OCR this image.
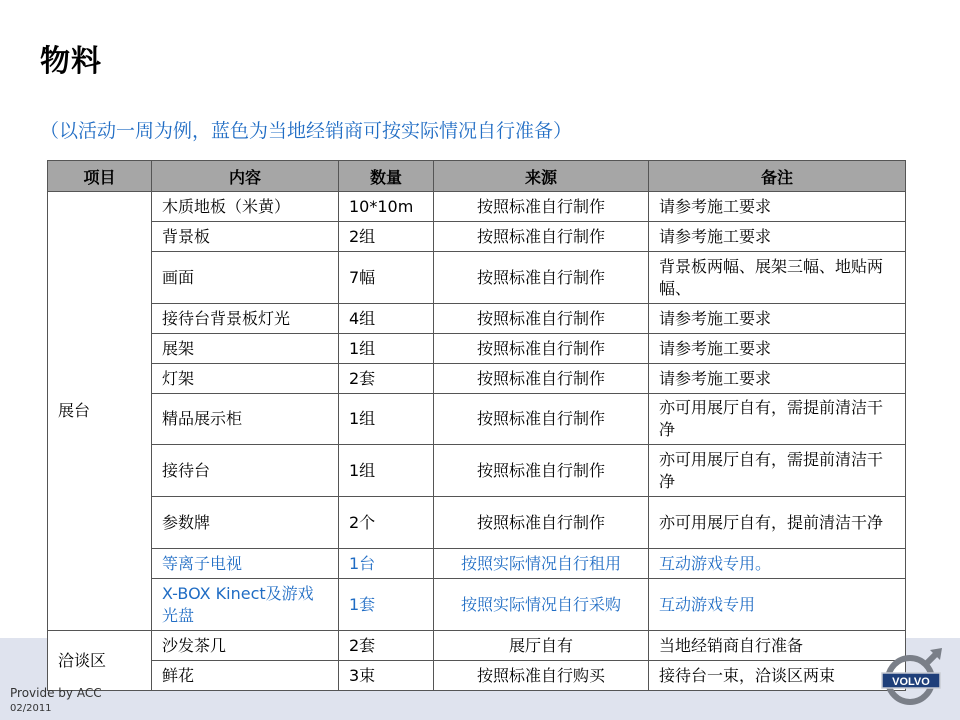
物料
（以活动一周为例，蓝色为当地经销商可按实际情况自行准备）
项目	内容	数量	来源	备注
展台	木质地板（米黄）	10*10m	按照标准自行制作	请参考施工要求
	背景板	2组	按照标准自行制作	请参考施工要求
	画面	7幅	按照标准自行制作	背景板两幅、展架三幅、地贴两幅、
	接待台背景板灯光	4组	按照标准自行制作	请参考施工要求
	展架	1组	按照标准自行制作	请参考施工要求
	灯架	2套	按照标准自行制作	请参考施工要求
	精品展示柜	1组	按照标准自行制作	亦可用展厅自有，需提前清洁干净
	接待台	1组	按照标准自行制作	亦可用展厅自有，需提前清洁干净
	参数牌	2个	按照标准自行制作	亦可用展厅自有，提前清洁干净
	等离子电视	1台	按照实际情况自行租用	互动游戏专用。
	X-BOX Kinect及游戏光盘	1套	按照实际情况自行采购	互动游戏专用
洽谈区	沙发茶几	2套	展厅自有	当地经销商自行准备
	鲜花	3束	按照标准自行购买	接待台一束，洽谈区两束
Provide by ACC
02/2011
VOLVO
